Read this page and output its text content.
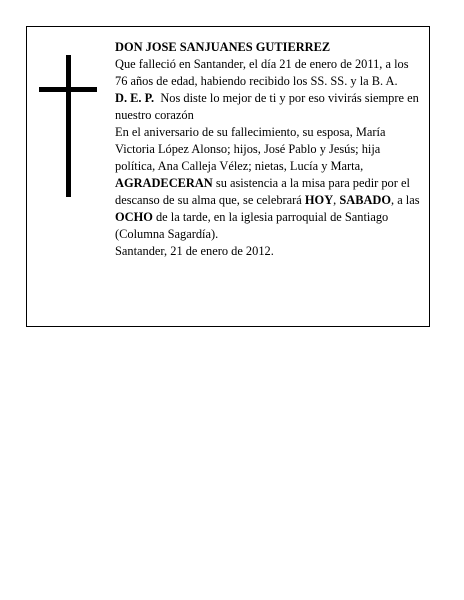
DON JOSE SANJUANES GUTIERREZ

Que falleció en Santander, el día 21 de enero de 2011, a los 76 años de edad, habiendo recibido los SS. SS. y la B. A.

D. E. P. Nos diste lo mejor de ti y por eso vivirás siempre en nuestro corazón

En el aniversario de su fallecimiento, su esposa, María Victoria López Alonso; hijos, José Pablo y Jesús; hija política, Ana Calleja Vélez; nietas, Lucía y Marta, AGRADECERAN su asistencia a la misa para pedir por el descanso de su alma que, se celebrará HOY, SABADO, a las OCHO de la tarde, en la iglesia parroquial de Santiago (Columna Sagardía).

Santander, 21 de enero de 2012.
